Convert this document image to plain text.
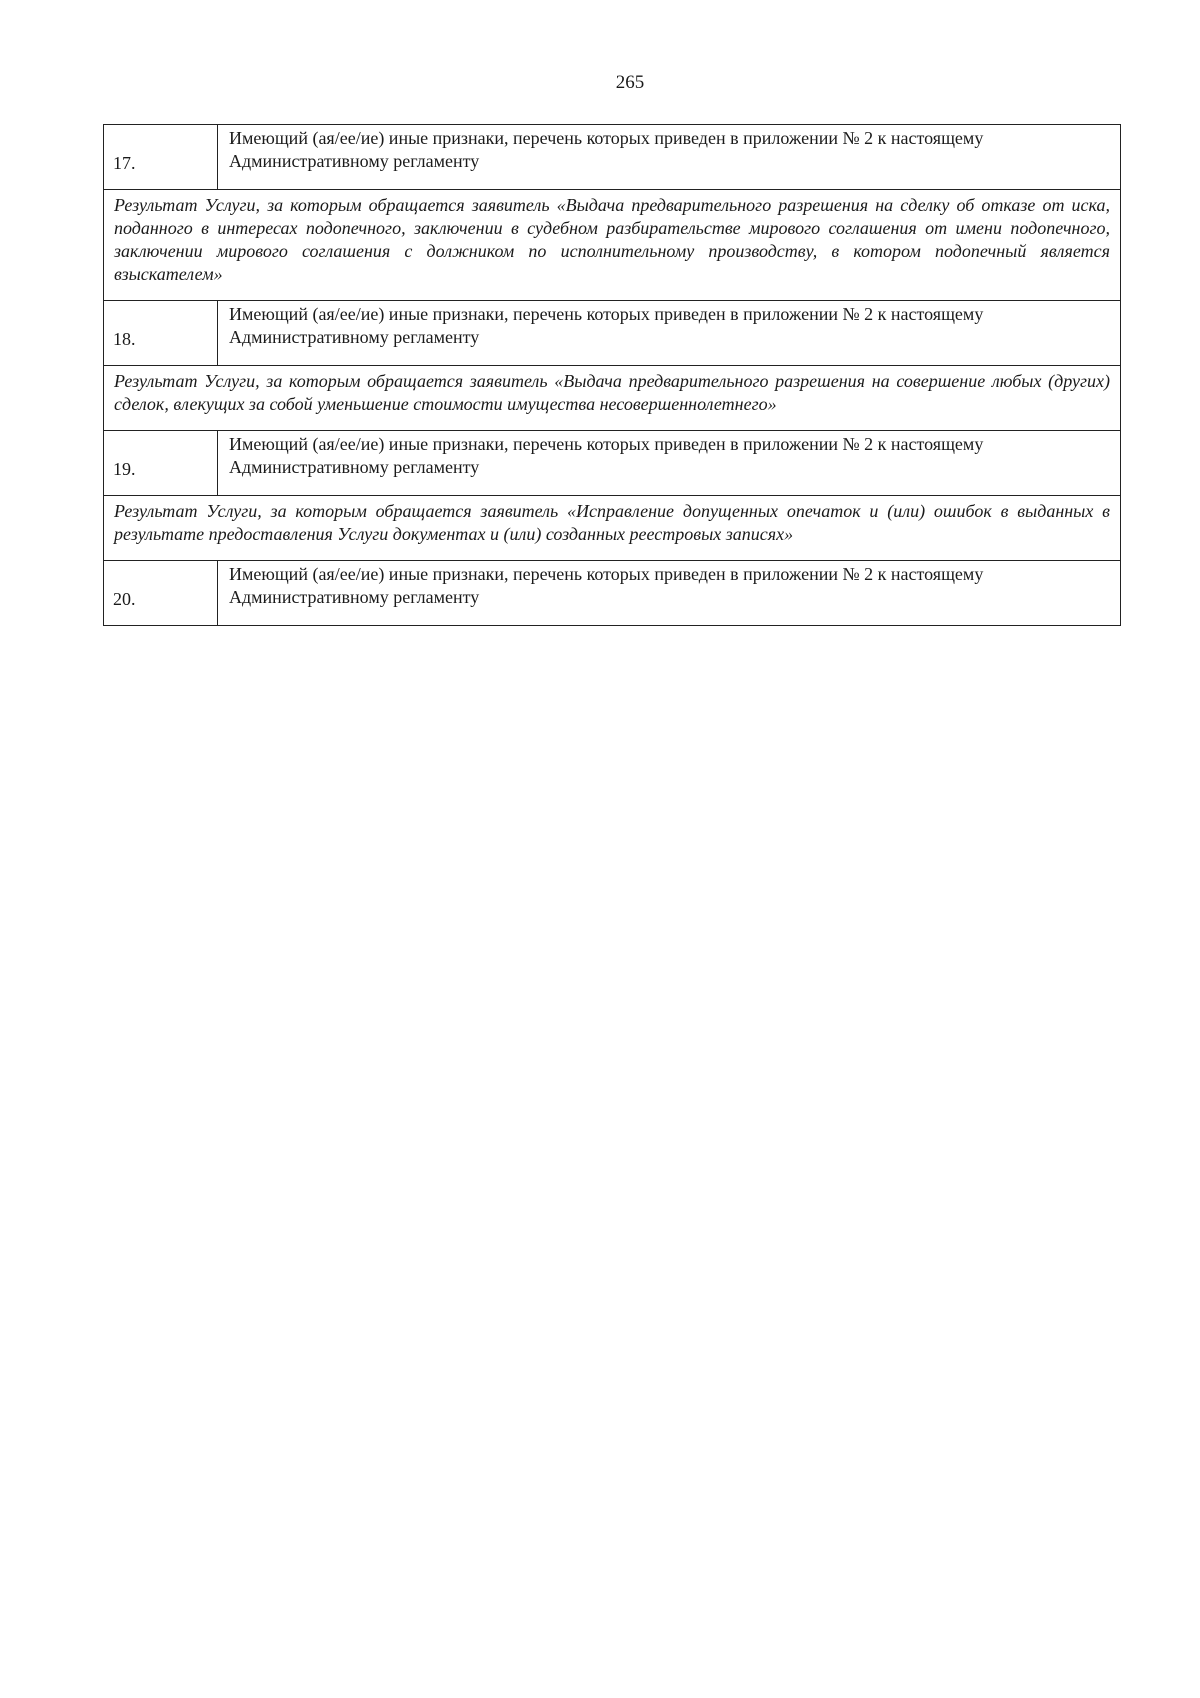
265
17.	Имеющий (ая/ее/ие) иные признаки, перечень которых приведен в приложении № 2 к настоящему Административному регламенту

Результат Услуги, за которым обращается заявитель «Выдача предварительного разрешения на сделку об отказе от иска, поданного в интересах подопечного, заключении в судебном разбирательстве мирового соглашения от имени подопечного, заключении мирового соглашения с должником по исполнительному производству, в котором подопечный является взыскателем»	

18.	Имеющий (ая/ее/ие) иные признаки, перечень которых приведен в приложении № 2 к настоящему Административному регламенту

Результат Услуги, за которым обращается заявитель «Выдача предварительного разрешения на совершение любых (других) сделок, влекущих за собой уменьшение стоимости имущества несовершеннолетнего»	

19.	Имеющий (ая/ее/ие) иные признаки, перечень которых приведен в приложении № 2 к настоящему Административному регламенту

Результат Услуги, за которым обращается заявитель «Исправление допущенных опечаток и (или) ошибок в выданных в результате предоставления Услуги документах и (или) созданных реестровых записях»	

20.	Имеющий (ая/ее/ие) иные признаки, перечень которых приведен в приложении № 2 к настоящему Административному регламенту
